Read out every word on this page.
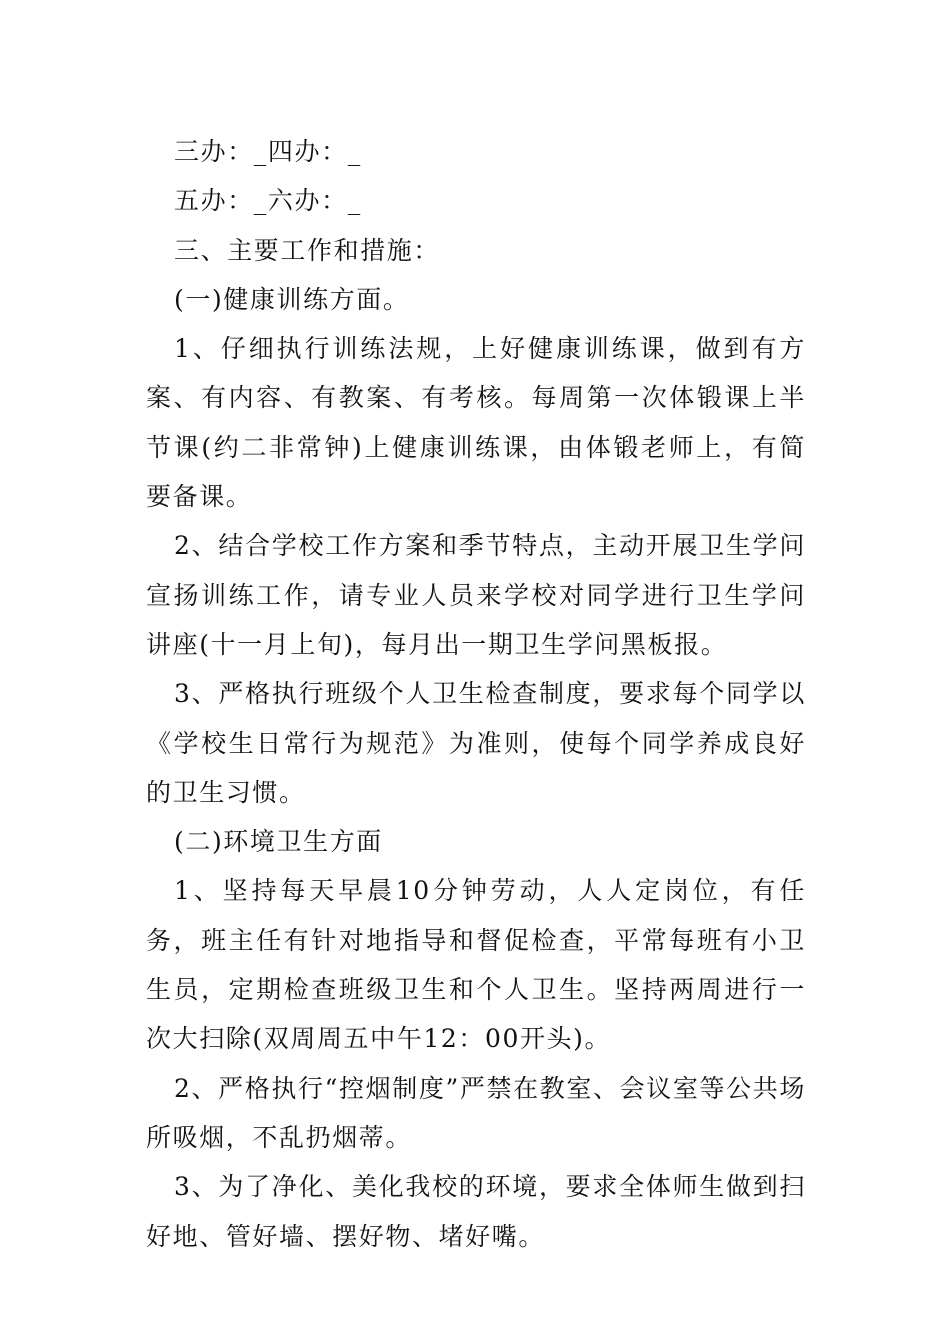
三办：_四办：_

五办：_六办：_

三、主要工作和措施：

(一)健康训练方面。

1、仔细执行训练法规，上好健康训练课，做到有方案、有内容、有教案、有考核。每周第一次体锻课上半节课(约二非常钟)上健康训练课，由体锻老师上，有简要备课。

2、结合学校工作方案和季节特点，主动开展卫生学问宣扬训练工作，请专业人员来学校对同学进行卫生学问讲座(十一月上旬)，每月出一期卫生学问黑板报。

3、严格执行班级个人卫生检查制度，要求每个同学以《学校生日常行为规范》为准则，使每个同学养成良好的卫生习惯。

(二)环境卫生方面

1、坚持每天早晨10分钟劳动，人人定岗位，有任务，班主任有针对地指导和督促检查，平常每班有小卫生员，定期检查班级卫生和个人卫生。坚持两周进行一次大扫除(双周周五中午12：00开头)。

2、严格执行“控烟制度”严禁在教室、会议室等公共场所吸烟，不乱扔烟蒂。

3、为了净化、美化我校的环境，要求全体师生做到扫好地、管好墙、摆好物、堵好嘴。
